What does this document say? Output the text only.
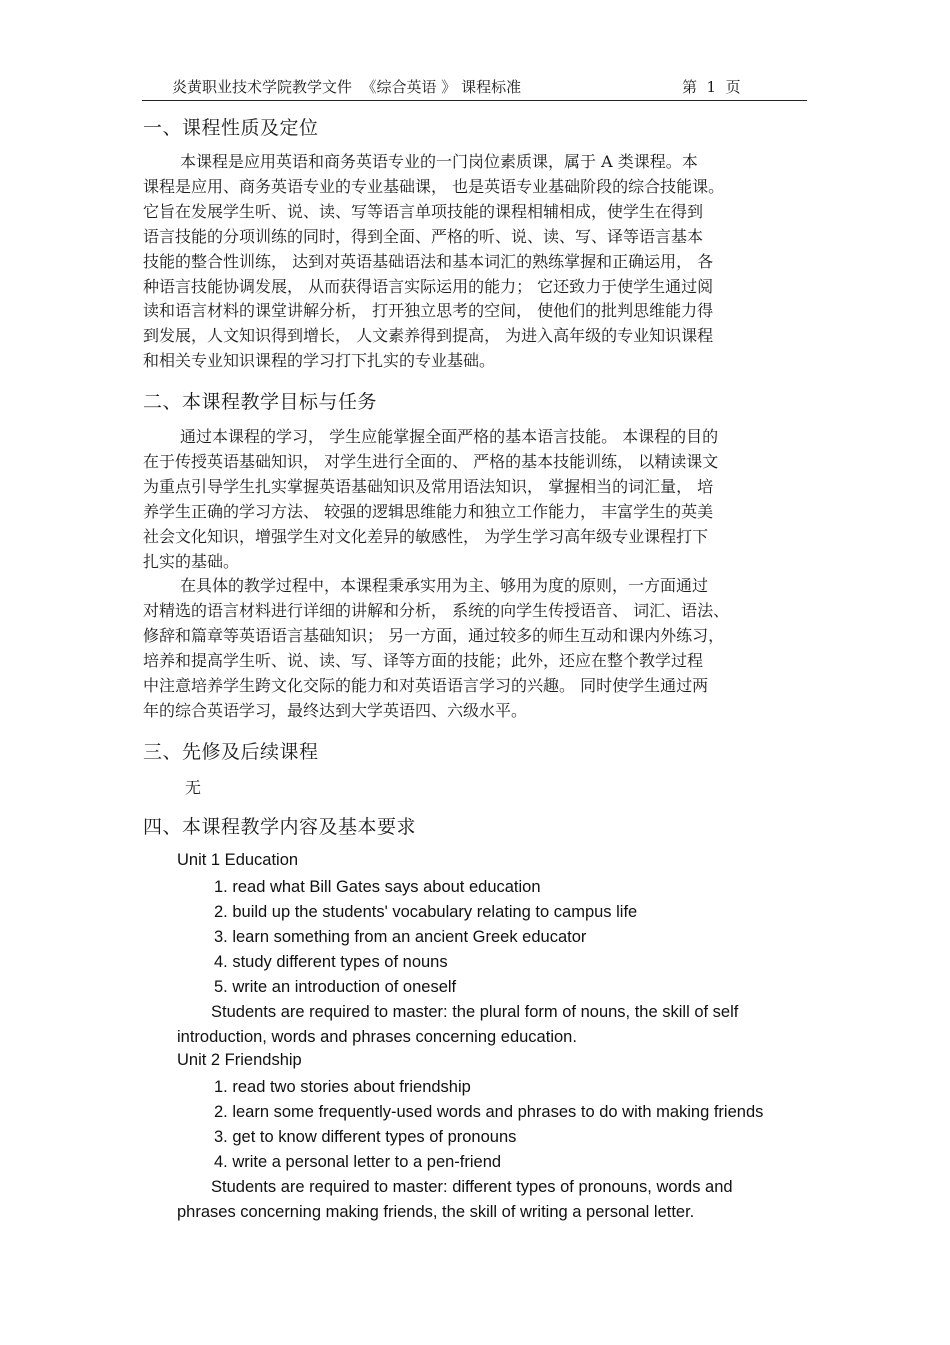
炎黄职业技术学院教学文件  《综合英语 》 课程标准	第  1  页
一、课程性质及定位
本课程是应用英语和商务英语专业的一门岗位素质课，属于 A 类课程。本
课程是应用、商务英语专业的专业基础课， 也是英语专业基础阶段的综合技能课。
它旨在发展学生听、说、读、写等语言单项技能的课程相辅相成，使学生在得到
语言技能的分项训练的同时，得到全面、严格的听、说、读、写、译等语言基本
技能的整合性训练， 达到对英语基础语法和基本词汇的熟练掌握和正确运用， 各
种语言技能协调发展， 从而获得语言实际运用的能力； 它还致力于使学生通过阅
读和语言材料的课堂讲解分析， 打开独立思考的空间， 使他们的批判思维能力得
到发展，人文知识得到增长， 人文素养得到提高， 为进入高年级的专业知识课程
和相关专业知识课程的学习打下扎实的专业基础。
二、本课程教学目标与任务
通过本课程的学习， 学生应能掌握全面严格的基本语言技能。 本课程的目的
在于传授英语基础知识， 对学生进行全面的、 严格的基本技能训练， 以精读课文
为重点引导学生扎实掌握英语基础知识及常用语法知识， 掌握相当的词汇量， 培
养学生正确的学习方法、 较强的逻辑思维能力和独立工作能力， 丰富学生的英美
社会文化知识，增强学生对文化差异的敏感性， 为学生学习高年级专业课程打下
扎实的基础。
在具体的教学过程中，本课程秉承实用为主、够用为度的原则，一方面通过
对精选的语言材料进行详细的讲解和分析， 系统的向学生传授语音、 词汇、语法、
修辞和篇章等英语语言基础知识； 另一方面，通过较多的师生互动和课内外练习，
培养和提高学生听、说、读、写、译等方面的技能；此外，还应在整个教学过程
中注意培养学生跨文化交际的能力和对英语语言学习的兴趣。 同时使学生通过两
年的综合英语学习，最终达到大学英语四、六级水平。
三、先修及后续课程
无
四、本课程教学内容及基本要求
Unit 1 Education
1. read what Bill Gates says about education
2. build up the students' vocabulary relating to campus life
3. learn something from an ancient Greek educator
4. study different types of nouns
5. write an introduction of oneself
Students are required to master: the plural form of nouns, the skill of self
introduction, words and phrases concerning education.
Unit 2 Friendship
1. read two stories about friendship
2. learn some frequently-used words and phrases to do with making friends
3. get to know different types of pronouns
4. write a personal letter to a pen-friend
Students are required to master: different types of pronouns, words and
phrases concerning making friends, the skill of writing a personal letter.
